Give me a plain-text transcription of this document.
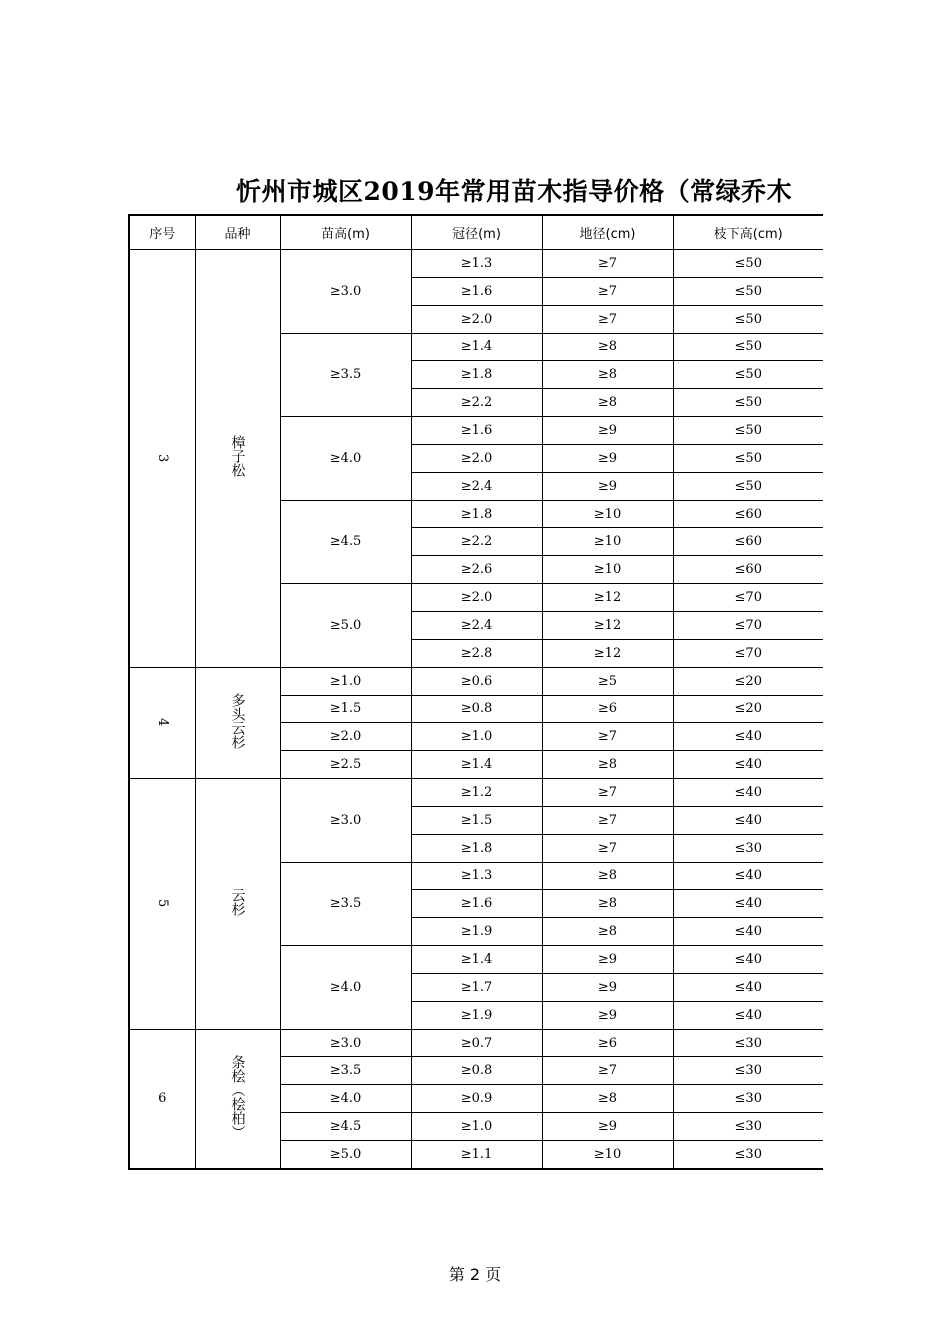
忻州市城区2019年常用苗木指导价格（常绿乔木
序号	品种	苗高(m)	冠径(m)	地径(cm)	枝下高(cm)
3	樟子松	≥3.0	≥1.3	≥7	≤50
			≥1.6	≥7	≤50
			≥2.0	≥7	≤50
		≥3.5	≥1.4	≥8	≤50
			≥1.8	≥8	≤50
			≥2.2	≥8	≤50
		≥4.0	≥1.6	≥9	≤50
			≥2.0	≥9	≤50
			≥2.4	≥9	≤50
		≥4.5	≥1.8	≥10	≤60
			≥2.2	≥10	≤60
			≥2.6	≥10	≤60
		≥5.0	≥2.0	≥12	≤70
			≥2.4	≥12	≤70
			≥2.8	≥12	≤70
4	多头云杉	≥1.0	≥0.6	≥5	≤20
		≥1.5	≥0.8	≥6	≤20
		≥2.0	≥1.0	≥7	≤40
		≥2.5	≥1.4	≥8	≤40
5	云杉	≥3.0	≥1.2	≥7	≤40
			≥1.5	≥7	≤40
			≥1.8	≥7	≤30
		≥3.5	≥1.3	≥8	≤40
			≥1.6	≥8	≤40
			≥1.9	≥8	≤40
		≥4.0	≥1.4	≥9	≤40
			≥1.7	≥9	≤40
			≥1.9	≥9	≤40
6	条桧（桧柏）	≥3.0	≥0.7	≥6	≤30
		≥3.5	≥0.8	≥7	≤30
		≥4.0	≥0.9	≥8	≤30
		≥4.5	≥1.0	≥9	≤30
		≥5.0	≥1.1	≥10	≤30
第 2 页
